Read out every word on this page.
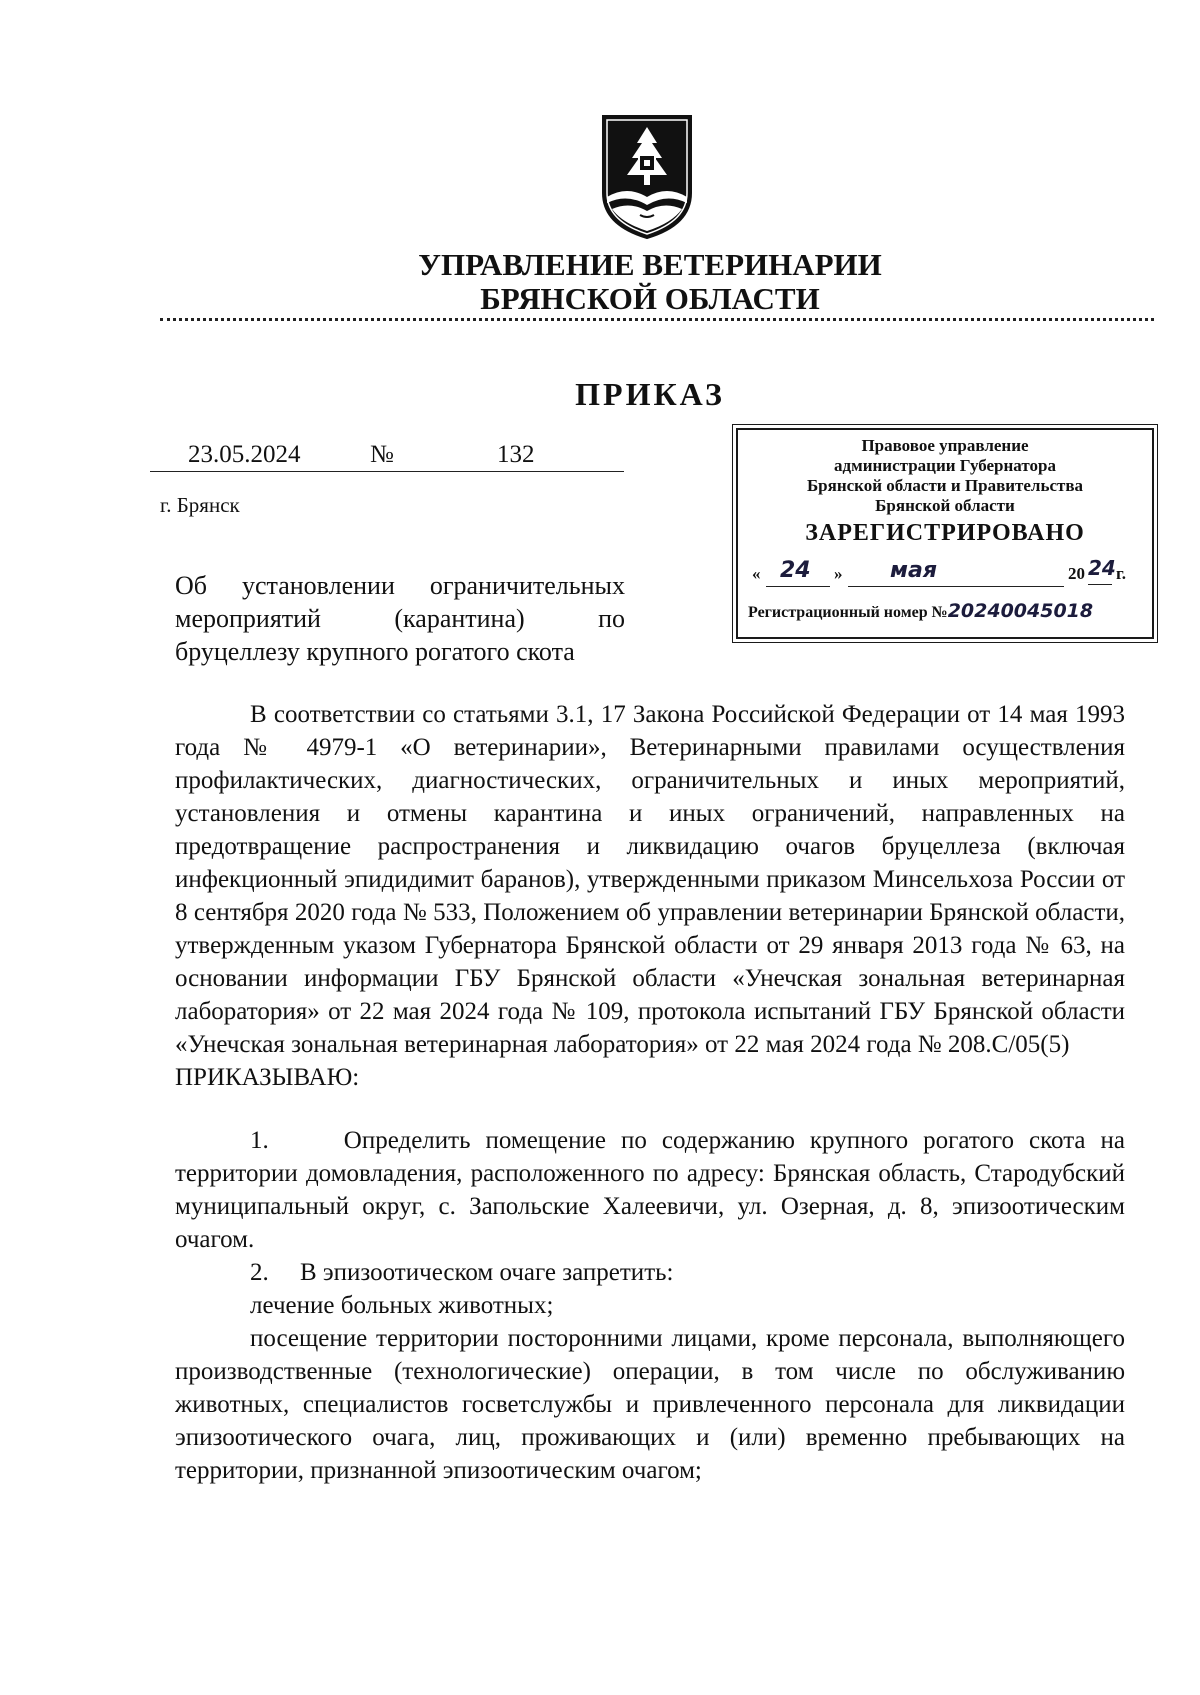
УПРАВЛЕНИЕ ВЕТЕРИНАРИИ
БРЯНСКОЙ ОБЛАСТИ
ПРИКАЗ
23.05.2024	№	132
г. Брянск
Об установлении ограничительных
мероприятий (карантина) по
бруцеллезу крупного рогатого скота
Правовое управление
администрации Губернатора
Брянской области и Правительства
Брянской области
ЗАРЕГИСТРИРОВАНО
« 24 » мая	20 24 г.
Регистрационный номер №20240045018

В соответствии со статьями 3.1, 17 Закона Российской Федерации от 14 мая 1993 года № 4979-1 «О ветеринарии», Ветеринарными правилами осуществления профилактических, диагностических, ограничительных и иных мероприятий, установления и отмены карантина и иных ограничений, направленных на предотвращение распространения и ликвидацию очагов бруцеллеза (включая инфекционный эпидидимит баранов), утвержденными приказом Минсельхоза России от 8 сентября 2020 года № 533, Положением об управлении ветеринарии Брянской области, утвержденным указом Губернатора Брянской области от 29 января 2013 года № 63, на основании информации ГБУ Брянской области «Унечская зональная ветеринарная лаборатория» от 22 мая 2024 года № 109, протокола испытаний ГБУ Брянской области «Унечская зональная ветеринарная лаборатория» от 22 мая 2024 года № 208.С/05(5)

ПРИКАЗЫВАЮ:

1.     Определить помещение по содержанию крупного рогатого скота на территории домовладения, расположенного по адресу: Брянская область, Стародубский муниципальный округ, с. Запольские Халеевичи, ул. Озерная, д. 8, эпизоотическим очагом.

2.     В эпизоотическом очаге запретить:

лечение больных животных;

посещение территории посторонними лицами, кроме персонала, выполняющего производственные (технологические) операции, в том числе по обслуживанию животных, специалистов госветслужбы и привлеченного персонала для ликвидации эпизоотического очага, лиц, проживающих и (или) временно пребывающих на территории, признанной эпизоотическим очагом;
